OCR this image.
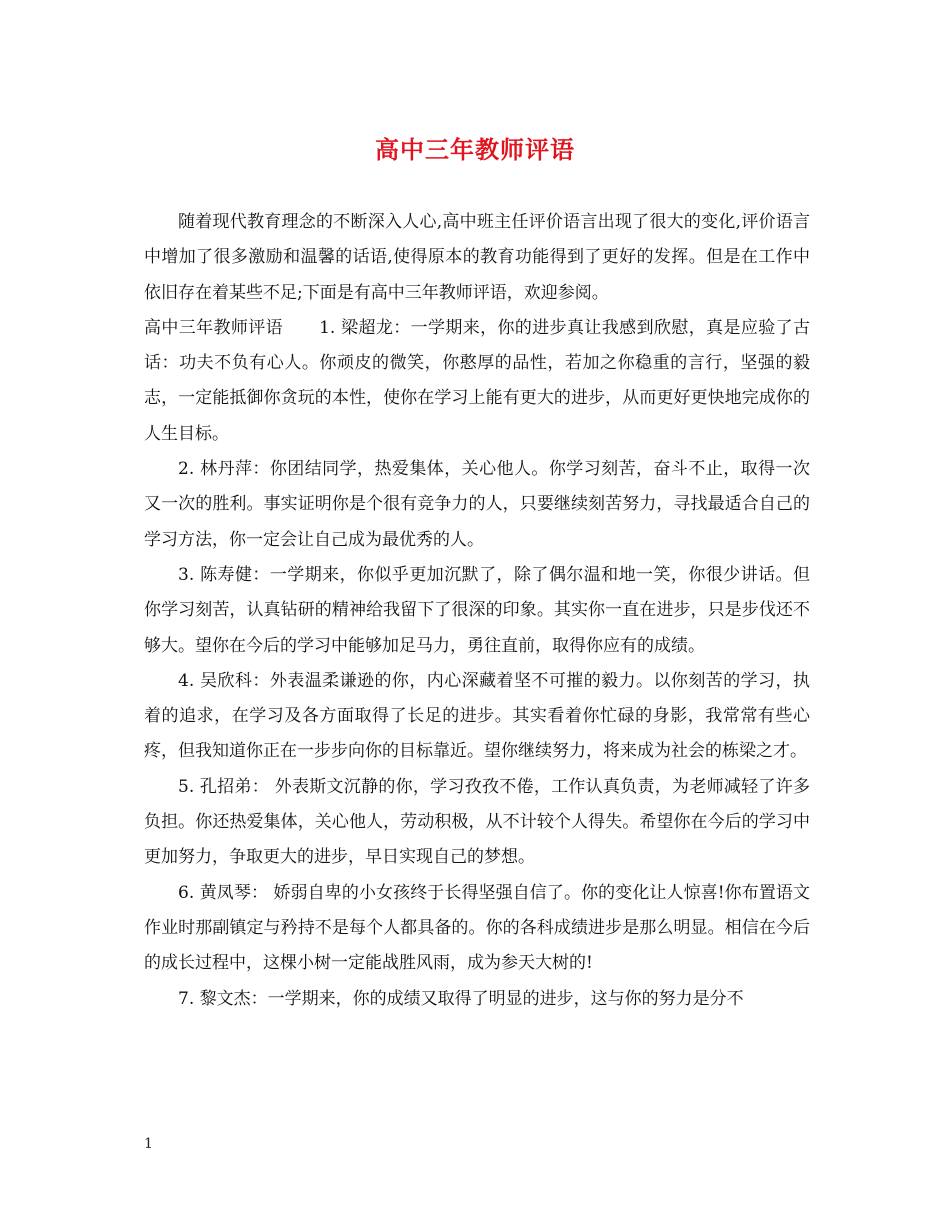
高中三年教师评语

随着现代教育理念的不断深入人心,高中班主任评价语言出现了很大的变化,评价语言中增加了很多激励和温馨的话语,使得原本的教育功能得到了更好的发挥。但是在工作中依旧存在着某些不足;下面是有高中三年教师评语，欢迎参阅。

高中三年教师评语 1. 梁超龙：一学期来，你的进步真让我感到欣慰，真是应验了古话：功夫不负有心人。你顽皮的微笑，你憨厚的品性，若加之你稳重的言行，坚强的毅志，一定能抵御你贪玩的本性，使你在学习上能有更大的进步，从而更好更快地完成你的人生目标。

2. 林丹萍：你团结同学，热爱集体，关心他人。你学习刻苦，奋斗不止，取得一次又一次的胜利。事实证明你是个很有竞争力的人，只要继续刻苦努力，寻找最适合自己的学习方法，你一定会让自己成为最优秀的人。

3. 陈寿健：一学期来，你似乎更加沉默了，除了偶尔温和地一笑，你很少讲话。但你学习刻苦，认真钻研的精神给我留下了很深的印象。其实你一直在进步，只是步伐还不够大。望你在今后的学习中能够加足马力，勇往直前，取得你应有的成绩。

4. 吴欣科：外表温柔谦逊的你，内心深藏着坚不可摧的毅力。以你刻苦的学习，执着的追求，在学习及各方面取得了长足的进步。其实看着你忙碌的身影，我常常有些心疼，但我知道你正在一步步向你的目标靠近。望你继续努力，将来成为社会的栋梁之才。

5. 孔招弟： 外表斯文沉静的你，学习孜孜不倦，工作认真负责，为老师减轻了许多负担。你还热爱集体，关心他人，劳动积极，从不计较个人得失。希望你在今后的学习中更加努力，争取更大的进步，早日实现自己的梦想。

6. 黄凤琴： 娇弱自卑的小女孩终于长得坚强自信了。你的变化让人惊喜!你布置语文作业时那副镇定与矜持不是每个人都具备的。你的各科成绩进步是那么明显。相信在今后的成长过程中，这棵小树一定能战胜风雨，成为参天大树的!

7. 黎文杰：一学期来，你的成绩又取得了明显的进步，这与你的努力是分不

1
